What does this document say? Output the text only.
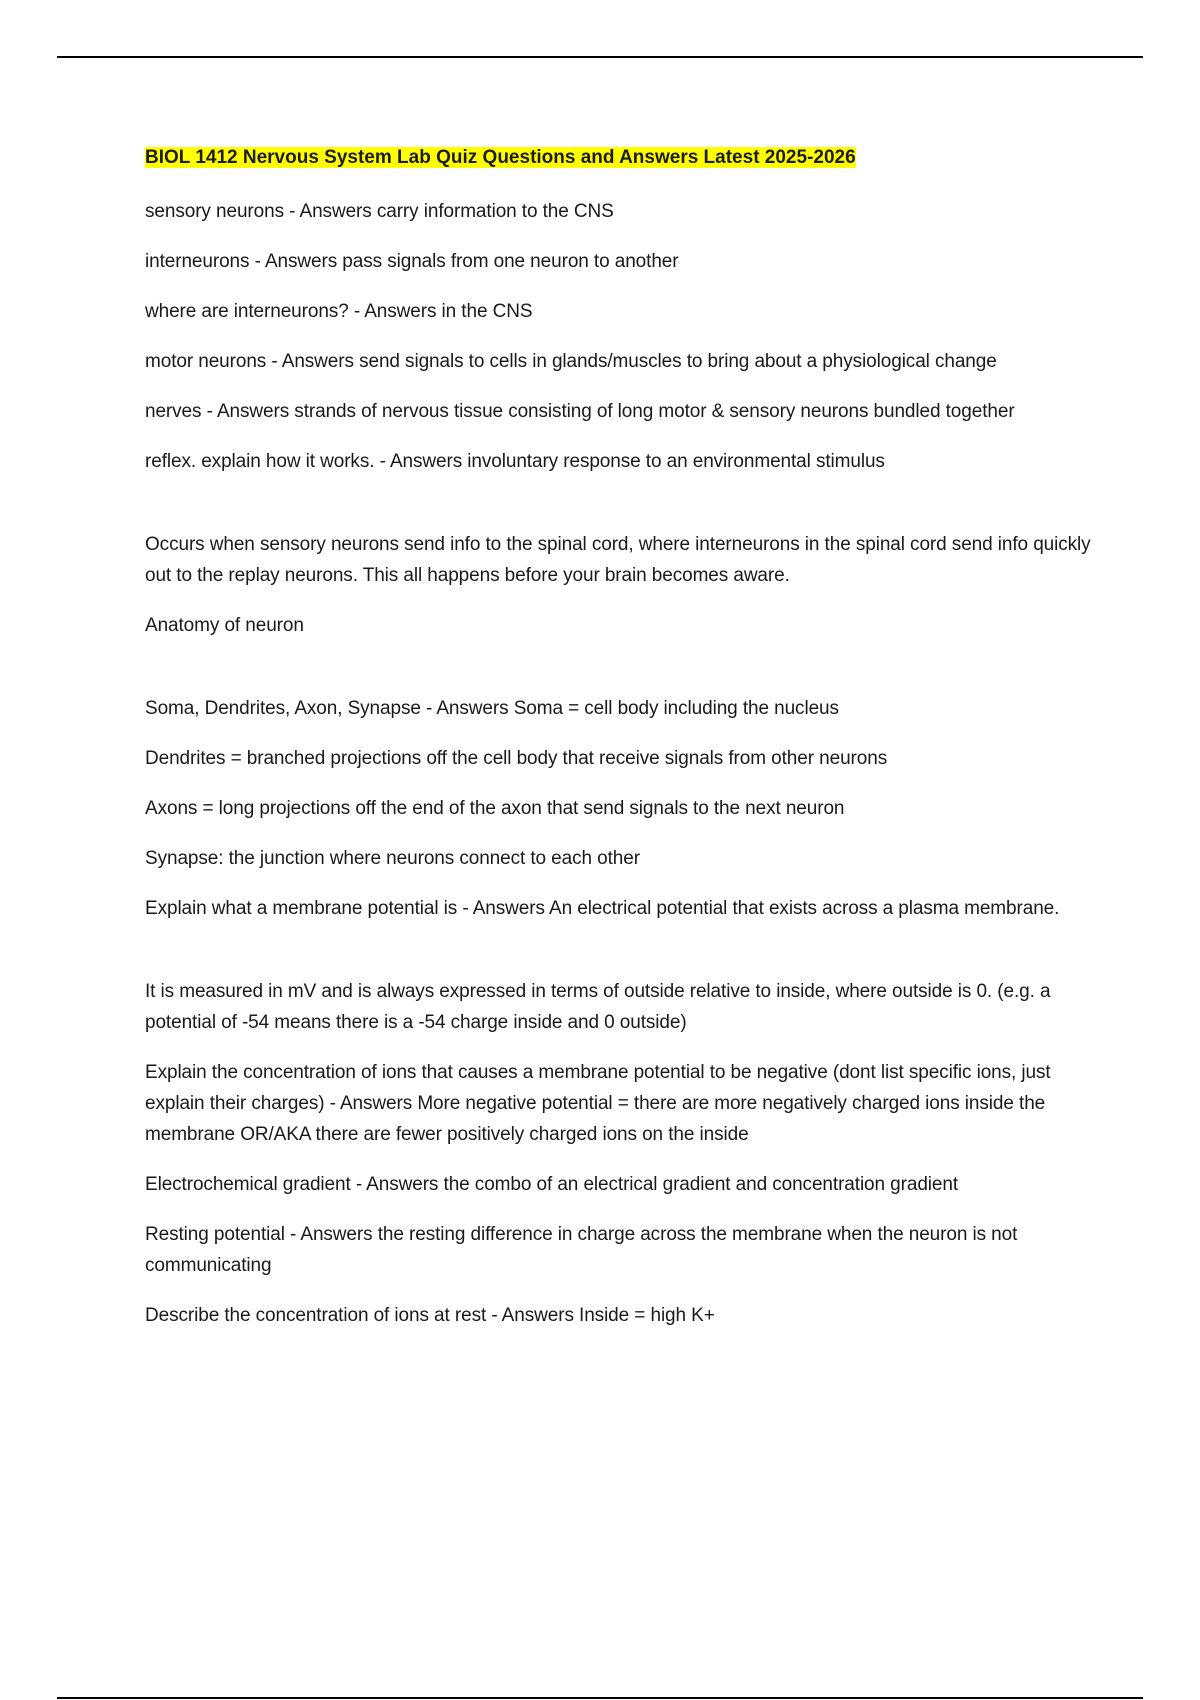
BIOL 1412 Nervous System Lab Quiz Questions and Answers Latest 2025-2026

sensory neurons - Answers carry information to the CNS

interneurons - Answers pass signals from one neuron to another

where are interneurons? - Answers in the CNS

motor neurons - Answers send signals to cells in glands/muscles to bring about a physiological change

nerves - Answers strands of nervous tissue consisting of long motor & sensory neurons bundled together

reflex. explain how it works. - Answers involuntary response to an environmental stimulus

Occurs when sensory neurons send info to the spinal cord, where interneurons in the spinal cord send info quickly out to the replay neurons. This all happens before your brain becomes aware.

Anatomy of neuron

Soma, Dendrites, Axon, Synapse - Answers Soma = cell body including the nucleus

Dendrites = branched projections off the cell body that receive signals from other neurons

Axons = long projections off the end of the axon that send signals to the next neuron

Synapse: the junction where neurons connect to each other

Explain what a membrane potential is - Answers An electrical potential that exists across a plasma membrane.

It is measured in mV and is always expressed in terms of outside relative to inside, where outside is 0. (e.g. a potential of -54 means there is a -54 charge inside and 0 outside)

Explain the concentration of ions that causes a membrane potential to be negative (dont list specific ions, just explain their charges) - Answers More negative potential = there are more negatively charged ions inside the membrane OR/AKA there are fewer positively charged ions on the inside

Electrochemical gradient - Answers the combo of an electrical gradient and concentration gradient

Resting potential - Answers the resting difference in charge across the membrane when the neuron is not communicating

Describe the concentration of ions at rest - Answers Inside = high K+
